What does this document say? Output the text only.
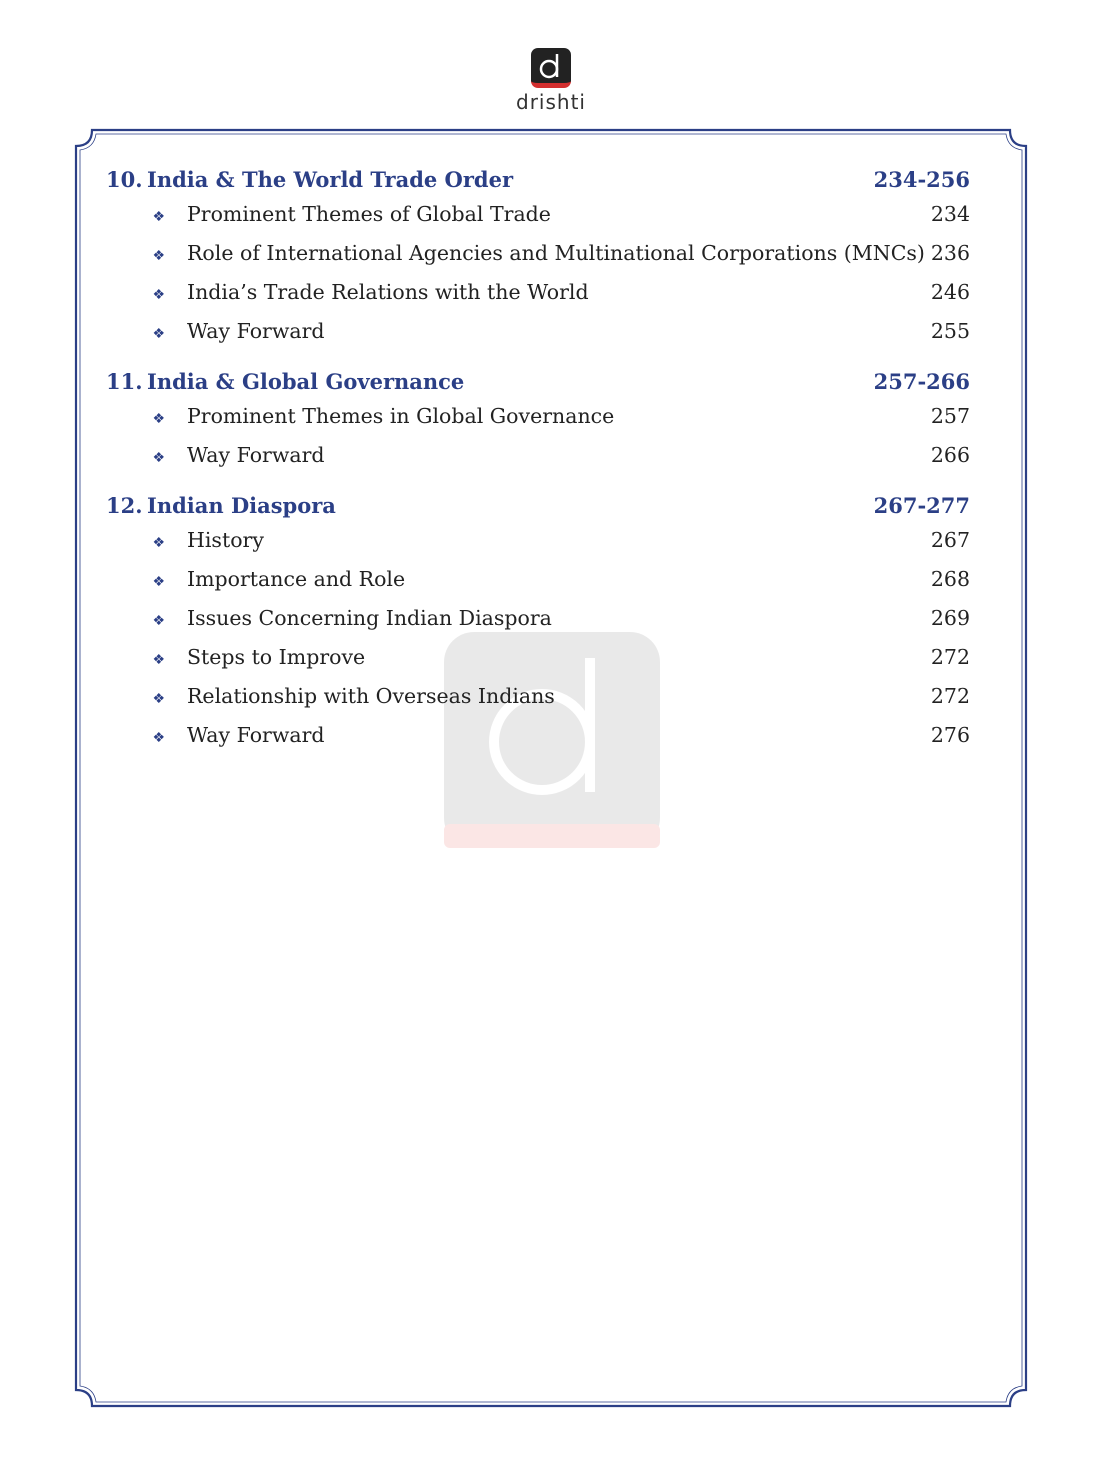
drishti
10. India & The World Trade Order	234-256
❖	Prominent Themes of Global Trade	234
❖	Role of International Agencies and Multinational Corporations (MNCs) 236
❖	India’s Trade Relations with the World	246
❖	Way Forward	255
11. India & Global Governance	257-266
❖	Prominent Themes in Global Governance	257
❖	Way Forward	266
12. Indian Diaspora	267-277
❖	History	267
❖	Importance and Role	268
❖	Issues Concerning Indian Diaspora	269
❖	Steps to Improve	272
❖	Relationship with Overseas Indians	272
❖	Way Forward	276
